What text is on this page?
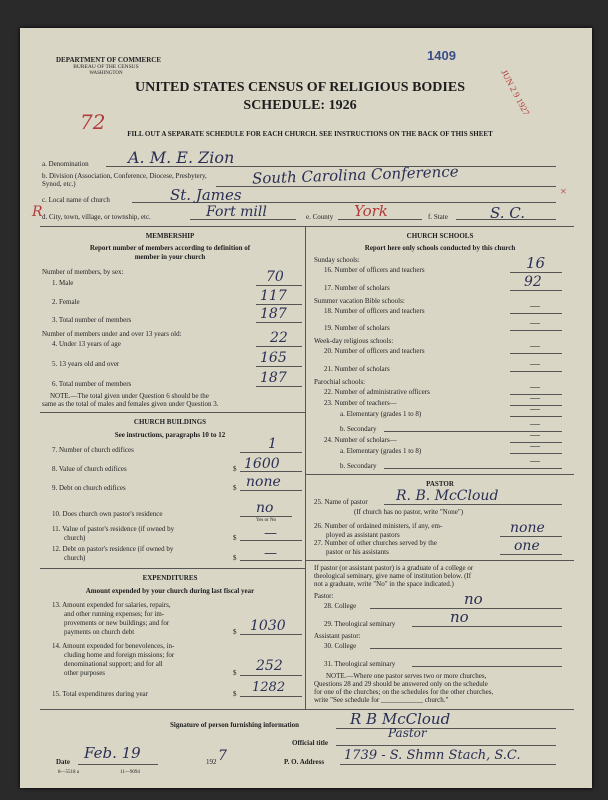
DEPARTMENT OF COMMERCE
BUREAU OF THE CENSUS
WASHINGTON
1409
JUN 2 9 1927
UNITED STATES CENSUS OF RELIGIOUS BODIES
SCHEDULE: 1926
72	FILL OUT A SEPARATE SCHEDULE FOR EACH CHURCH. SEE INSTRUCTIONS ON THE BACK OF THIS SHEET
a. Denomination A. M. E. Zion
b. Division (Association, Conference, Diocese, Presbytery, Synod, etc.)	South Carolina Conference
c. Local name of church	St. James
R
×
d. City, town, village, or township, etc.	Fort mill	e. County York	f. State	S. C.
MEMBERSHIP
Report number of members according to definition of
member in your church
Number of members, by sex:
1. Male	70
2. Female	117
3. Total number of members	187
Number of members under and over 13 years old:
4. Under 13 years of age	22
5. 13 years old and over	165
6. Total number of members	187
NOTE.—The total given under Question 6 should be the
same as the total of males and females given under Question 3.
CHURCH BUILDINGS
See instructions, paragraphs 10 to 12
7. Number of church edifices	1
8. Value of church edifices	$ 1600
9. Debt on church edifices	$ none
10. Does church own pastor's residence	no
Yes or No
11. Value of pastor's residence (if owned by
church)	$ —
12. Debt on pastor's residence (if owned by
church)	$ —
EXPENDITURES
Amount expended by your church during last fiscal year
13. Amount expended for salaries, repairs,
and other running expenses; for im-
provements or new buildings; and for
payments on church debt	$ 1030
14. Amount expended for benevolences, in-
cluding home and foreign missions; for
denominational support; and for all
other purposes	$ 252
15. Total expenditures during year	$ 1282
CHURCH SCHOOLS
Report here only schools conducted by this church
Sunday schools:
16. Number of officers and teachers	16
17. Number of scholars	92
Summer vacation Bible schools:
18. Number of officers and teachers	—
19. Number of scholars	—
Week-day religious schools:
20. Number of officers and teachers	—
21. Number of scholars	—
Parochial schools:
22. Number of administrative officers	—
23. Number of teachers—	—
a. Elementary (grades 1 to 8)	—
b. Secondary	—
24. Number of scholars—	—
a. Elementary (grades 1 to 8)	—
b. Secondary	—
PASTOR
25. Name of pastor R. B. McCloud
(If church has no pastor, write "None")
26. Number of ordained ministers, if any, em-
ployed as assistant pastors	none
27. Number of other churches served by the
pastor or his assistants	one
If pastor (or assistant pastor) is a graduate of a college or
theological seminary, give name of institution below. (If
not a graduate, write "No" in the space indicated.)
Pastor:
28. College	no
29. Theological seminary	no
Assistant pastor:
30. College
31. Theological seminary
NOTE.—Where one pastor serves two or more churches,
Questions 28 and 29 should be answered only on the schedule
for one of the churches; on the schedules for the other churches,
write "See schedule for ____________ church."
Signature of person furnishing information	R B McCloud
Official title
Pastor
Date Feb. 19	192 7	P. O. Address 1739 - S. Shmn Stach, S.C.
8—5518 a	11—9094
